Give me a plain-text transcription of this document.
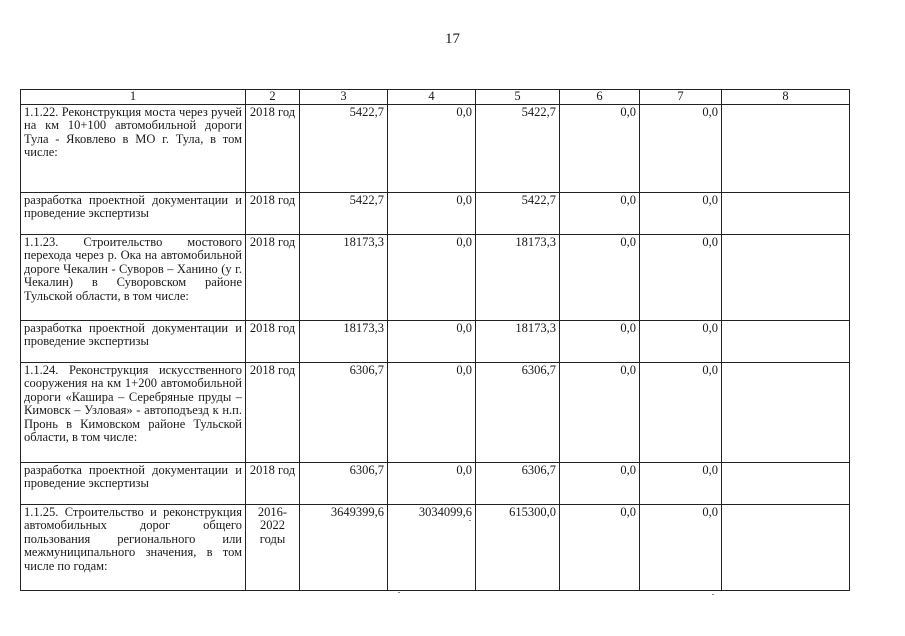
17
1	2	3	4	5	6	7	8
1.1.22. Реконструкция моста через ручей на км 10+100 автомобильной дороги Тула - Яковлево в МО г. Тула, в том числе:	2018 год	5422,7	0,0	5422,7	0,0	0,0	
разработка проектной документации и проведение экспертизы	2018 год	5422,7	0,0	5422,7	0,0	0,0	
1.1.23. Строительство мостового перехода через р. Ока на автомобильной дороге Чекалин - Суворов – Ханино (у г. Чекалин) в Суворовском районе Тульской области, в том числе:	2018 год	18173,3	0,0	18173,3	0,0	0,0	
разработка проектной документации и проведение экспертизы	2018 год	18173,3	0,0	18173,3	0,0	0,0	
1.1.24. Реконструкция искусственного сооружения на км 1+200 автомобильной дороги «Кашира – Серебряные пруды – Кимовск – Узловая» - автоподъезд к н.п. Пронь в Кимовском районе Тульской области, в том числе:	2018 год	6306,7	0,0	6306,7	0,0	0,0	
разработка проектной документации и проведение экспертизы	2018 год	6306,7	0,0	6306,7	0,0	0,0	
1.1.25. Строительство и реконструкция автомобильных дорог общего пользования регионального или межмуниципального значения, в том числе по годам:	2016-2022 годы	3649399,6	3034099,6	615300,0	0,0	0,0	
